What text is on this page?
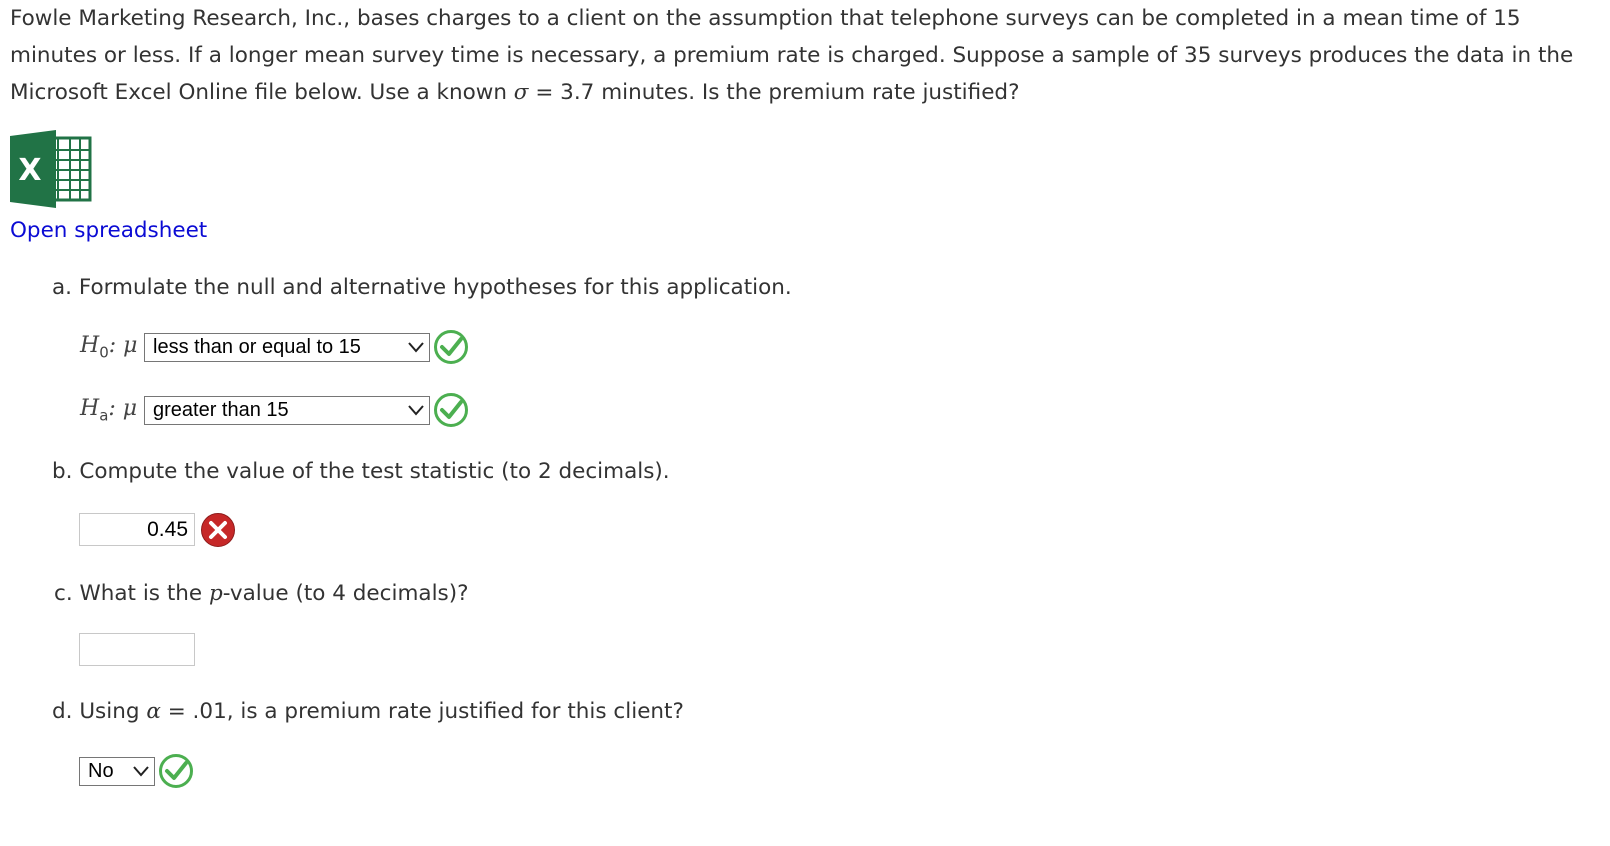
Fowle Marketing Research, Inc., bases charges to a client on the assumption that telephone surveys can be completed in a mean time of 15 minutes or less. If a longer mean survey time is necessary, a premium rate is charged. Suppose a sample of 35 surveys produces the data in the Microsoft Excel Online file below. Use a known σ = 3.7 minutes. Is the premium rate justified?

X
Open spreadsheet

a. Formulate the null and alternative hypotheses for this application.

$H_0$: μ less than or equal to 15
$H_a$: μ greater than 15

b. Compute the value of the test statistic (to 2 decimals).

0.45

c. What is the p-value (to 4 decimals)?

d. Using α = .01, is a premium rate justified for this client?

No
